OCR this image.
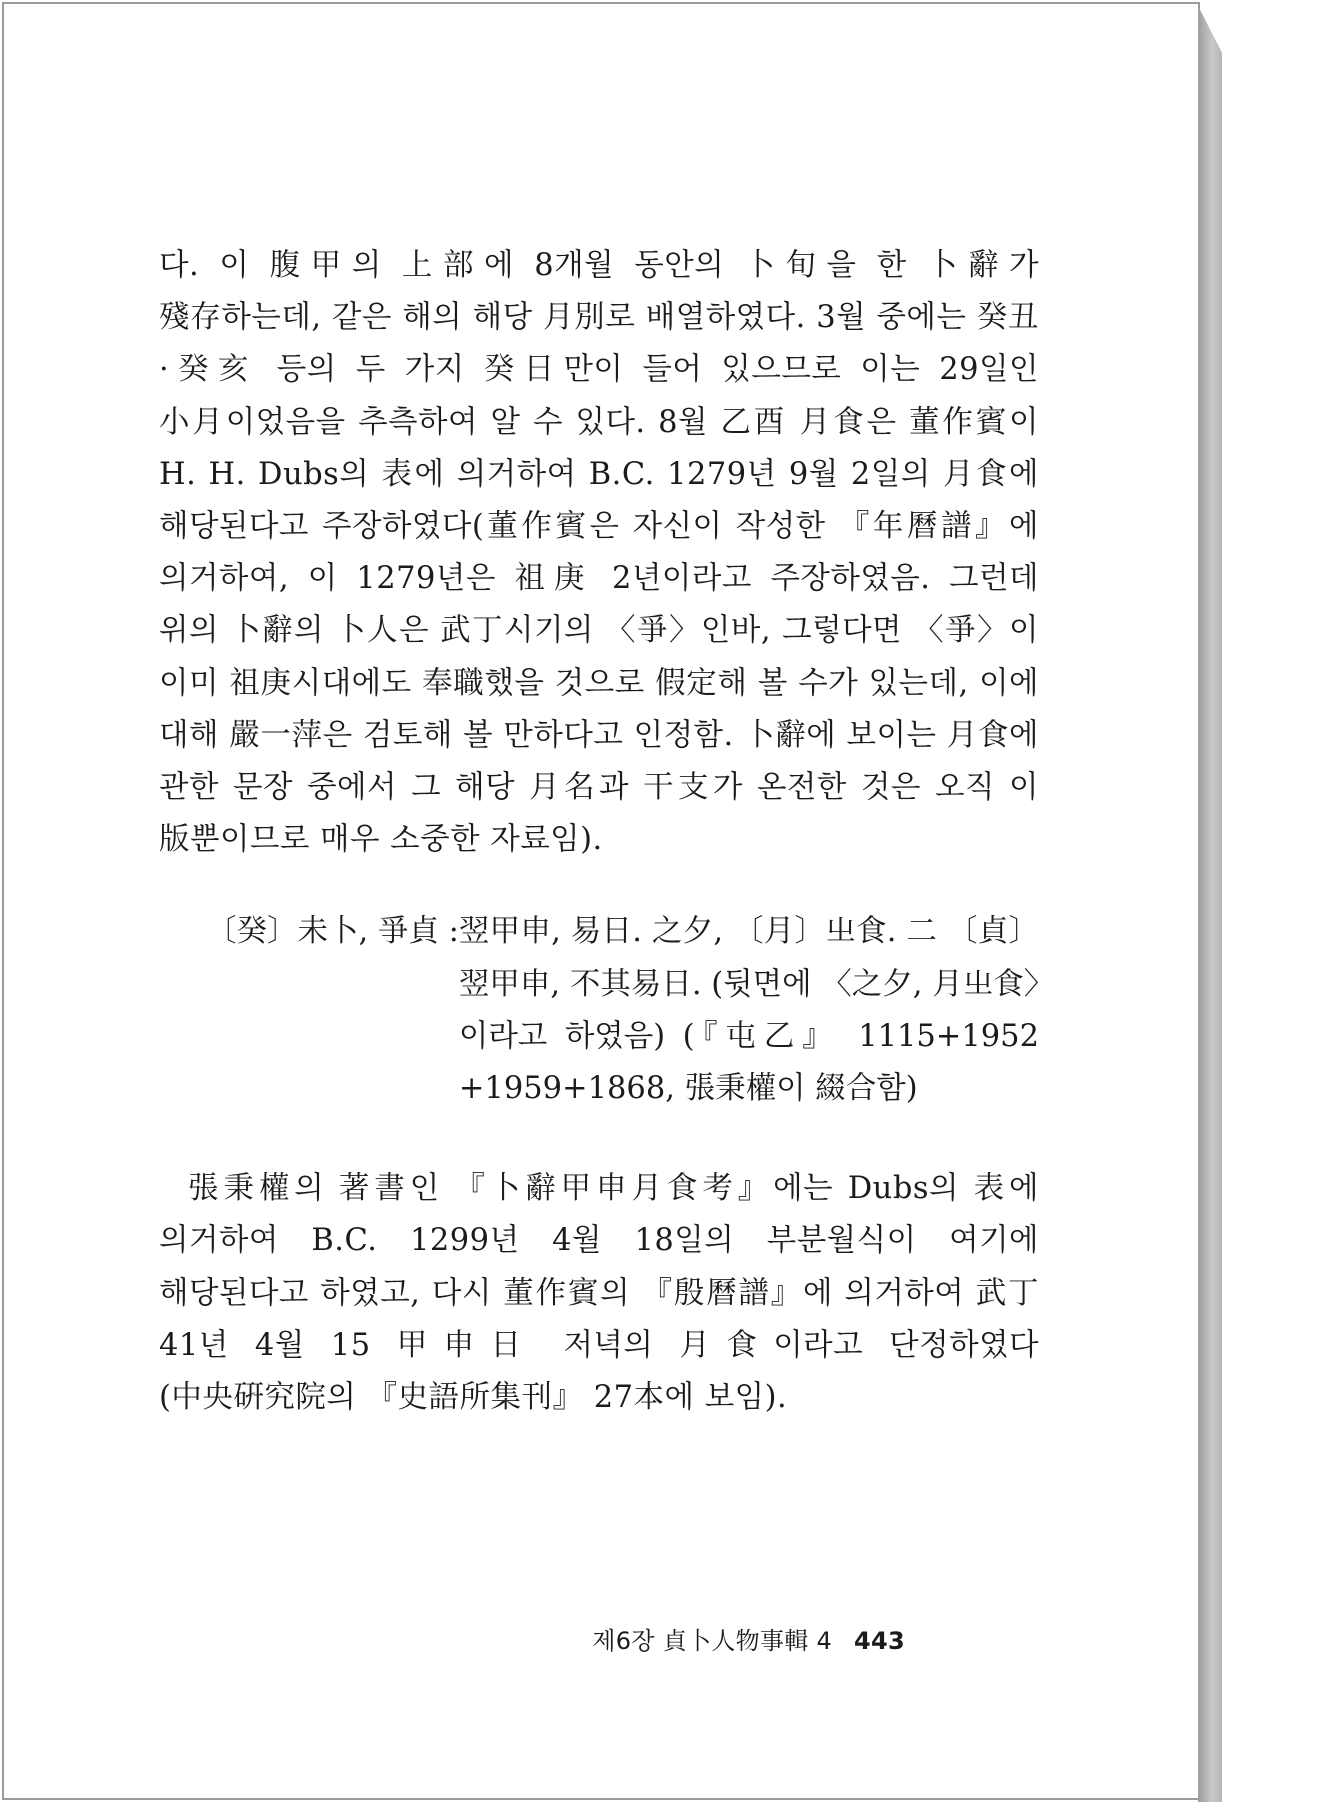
다. 이 腹甲의 上部에 8개월 동안의 卜旬을 한 卜辭가 殘存하는데, 같은 해의 해당 月別로 배열하였다. 3월 중에는 癸丑·癸亥 등의 두 가지 癸日만이 들어 있으므로 이는 29일인 小月이었음을 추측하여 알 수 있다. 8월 乙酉 月食은 董作賓이 H. H. Dubs의 表에 의거하여 B.C. 1279년 9월 2일의 月食에 해당된다고 주장하였다(董作賓은 자신이 작성한 『年曆譜』에 의거하여, 이 1279년은 祖庚 2년이라고 주장하였음. 그런데 위의 卜辭의 卜人은 武丁시기의 〈爭〉인바, 그렇다면 〈爭〉이 이미 祖庚시대에도 奉職했을 것으로 假定해 볼 수가 있는데, 이에 대해 嚴一萍은 검토해 볼 만하다고 인정함. 卜辭에 보이는 月食에 관한 문장 중에서 그 해당 月名과 干支가 온전한 것은 오직 이 版뿐이므로 매우 소중한 자료임).

〔癸〕未卜, 爭貞 : 翌甲申, 易日. 之夕, 〔月〕㞢食. 二 〔貞〕 翌甲申, 不其易日. (뒷면에 〈之夕, 月㞢食〉이라고 하였음) (『屯乙』 1115+1952 +1959+1868, 張秉權이 綴合함)

張秉權의 著書인 『卜辭甲申月食考』에는 Dubs의 表에 의거하여 B.C. 1299년 4월 18일의 부분월식이 여기에 해당된다고 하였고, 다시 董作賓의 『殷曆譜』에 의거하여 武丁 41년 4월 15 甲申日 저녁의 月食이라고 단정하였다(中央硏究院의 『史語所集刊』 27本에 보임).

제6장 貞卜人物事輯 4 443
